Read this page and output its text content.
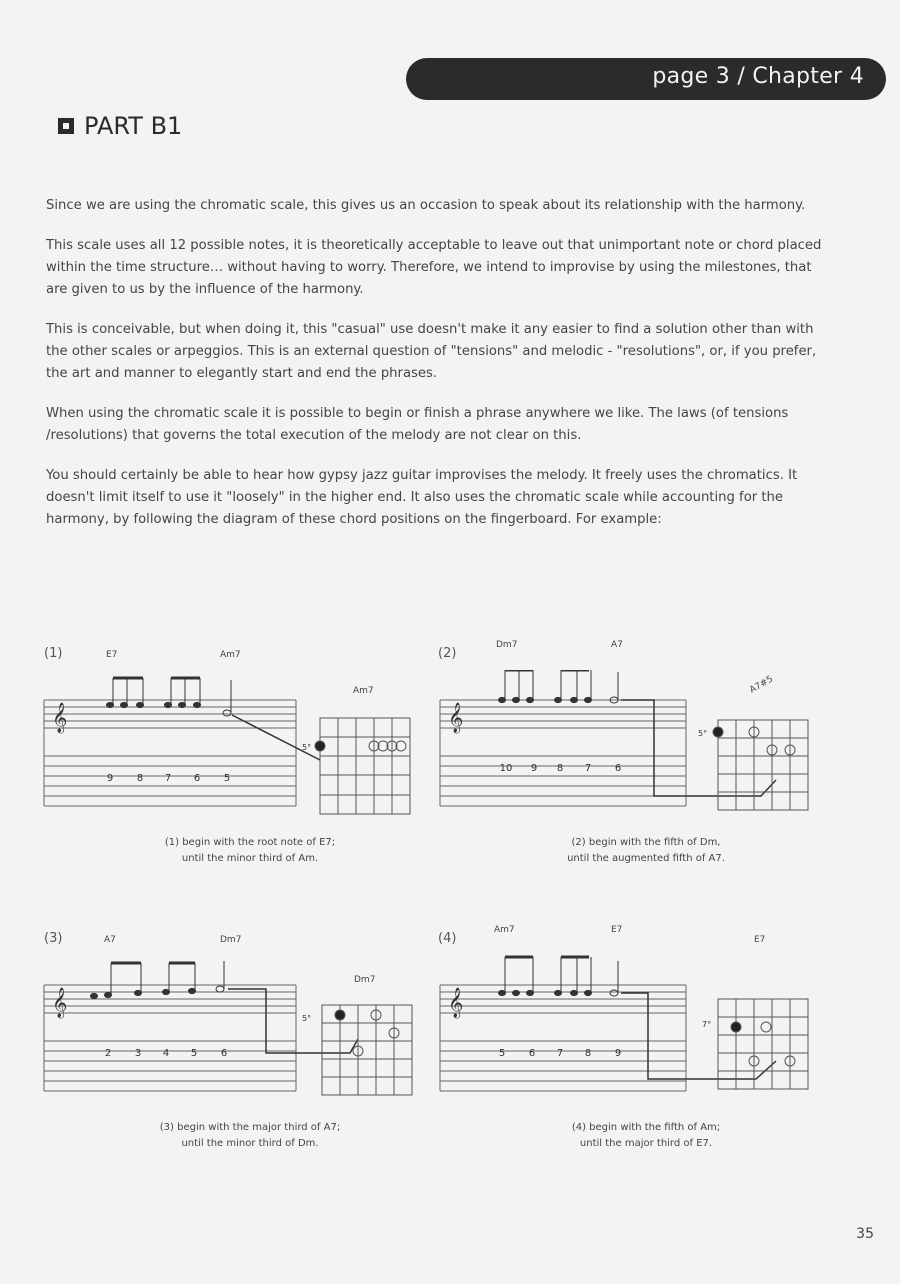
page 3 / Chapter 4
PART B1

Since we are using the chromatic scale, this gives us an occasion to speak about its relationship with the harmony.

This scale uses all 12 possible notes, it is theoretically acceptable to leave out that unimportant note or chord placed within the time structure… without having to worry. Therefore, we intend to improvise by using the milestones, that are given to us by the influence of the harmony.

This is conceivable, but when doing it, this "casual" use doesn't make it any easier to find a solution other than with the other scales or arpeggios. This is an external question of "tensions" and melodic - "resolutions", or, if you prefer, the art and manner to elegantly start and end the phrases.

When using the chromatic scale it is possible to begin or finish a phrase anywhere we like. The laws (of tensions /resolutions) that governs the total execution of the melody are not clear on this.

You should certainly be able to hear how gypsy jazz guitar improvises the melody. It freely uses the chromatics. It doesn't limit itself to use it "loosely" in the higher end. It also uses the chromatic scale while accounting for the harmony, by following the diagram of these chord positions on the fingerboard. For example:

(1)	E7	Am7
Am7
𝄞
9 8 7 6 5
5°
(1) begin with the root note of E7;
until the minor third of Am.
(2)
Dm7	A7
A7#5
𝄞
10 9 8 7 6
5°
(2) begin with the fifth of Dm,
until the augmented fifth of A7.
(3)	A7	Dm7
Dm7
𝄞
2 3 4 5 6
5°
(3) begin with the major third of A7;
until the minor third of Dm.
(4)
Am7	E7
E7
𝄞
5 6 7 8 9
7°
(4) begin with the fifth of Am;
until the major third of E7.
35
